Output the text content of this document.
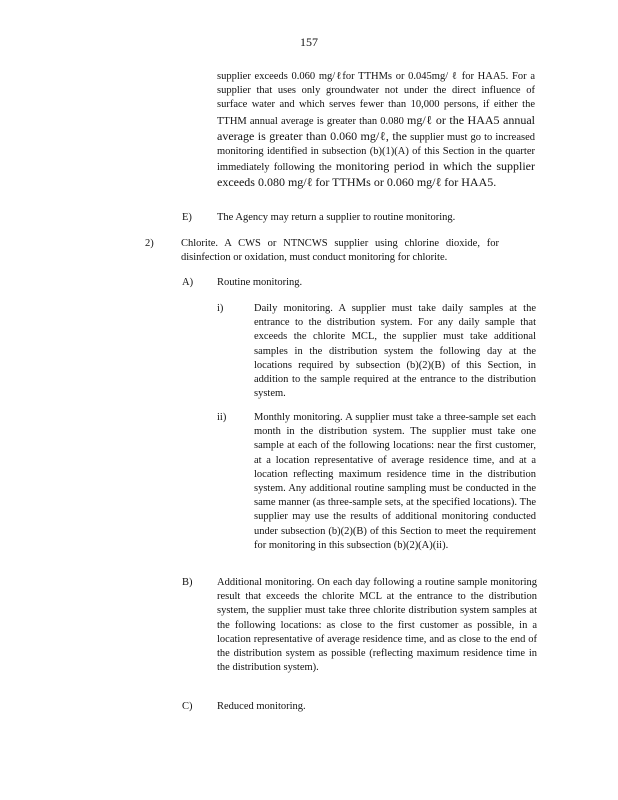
157
supplier exceeds 0.060 mg/ℓfor TTHMs or 0.045mg/ ℓ for HAA5. For a supplier that uses only groundwater not under the direct influence of surface water and which serves fewer than 10,000 persons, if either the TTHM annual average is greater than 0.080 mg/ℓ or the HAA5 annual average is greater than 0.060 mg/ℓ, the supplier must go to increased monitoring identified in subsection (b)(1)(A) of this Section in the quarter immediately following the monitoring period in which the supplier exceeds 0.080 mg/ℓ for TTHMs or 0.060 mg/ℓ for HAA5.
E) The Agency may return a supplier to routine monitoring.
2)	Chlorite. A CWS or NTNCWS supplier using chlorine dioxide, for disinfection or oxidation, must conduct monitoring for chlorite.
A) Routine monitoring.
i)	Daily monitoring. A supplier must take daily samples at the entrance to the distribution system. For any daily sample that exceeds the chlorite MCL, the supplier must take additional samples in the distribution system the following day at the locations required by subsection (b)(2)(B) of this Section, in addition to the sample required at the entrance to the distribution system.
ii)	Monthly monitoring. A supplier must take a three-sample set each month in the distribution system. The supplier must take one sample at each of the following locations: near the first customer, at a location representative of average residence time, and at a location reflecting maximum residence time in the distribution system. Any additional routine sampling must be conducted in the same manner (as three-sample sets, at the specified locations). The supplier may use the results of additional monitoring conducted under subsection (b)(2)(B) of this Section to meet the requirement for monitoring in this subsection (b)(2)(A)(ii).
B) Additional monitoring. On each day following a routine sample monitoring result that exceeds the chlorite MCL at the entrance to the distribution system, the supplier must take three chlorite distribution system samples at the following locations: as close to the first customer as possible, in a location representative of average residence time, and as close to the end of the distribution system as possible (reflecting maximum residence time in the distribution system).
C) Reduced monitoring.
